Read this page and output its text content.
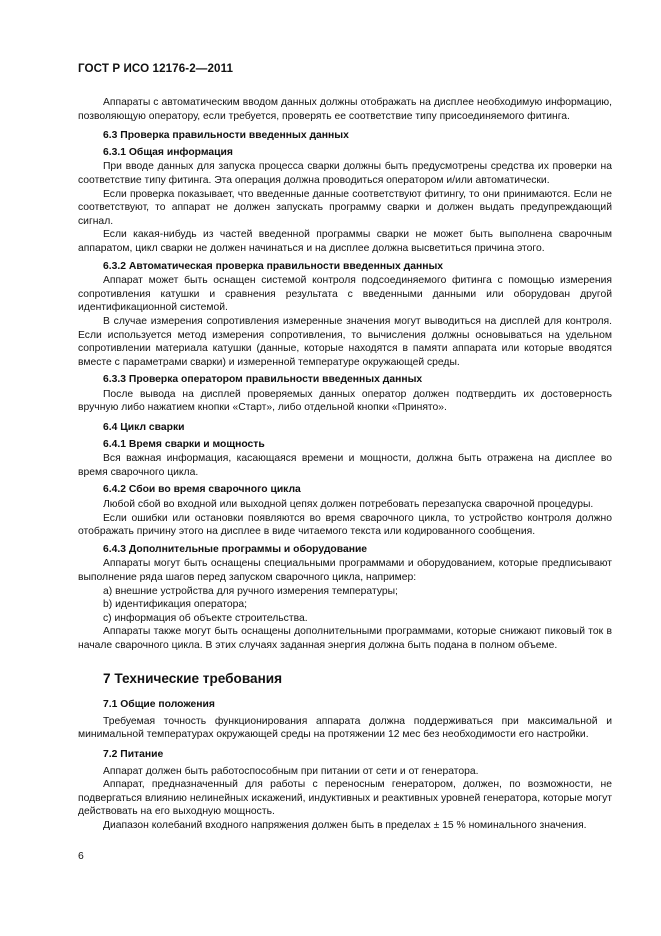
ГОСТ Р ИСО 12176-2—2011
Аппараты с автоматическим вводом данных должны отображать на дисплее необходимую информацию, позволяющую оператору, если требуется, проверять ее соответствие типу присоединяемого фитинга.
6.3 Проверка правильности введенных данных
6.3.1 Общая информация
При вводе данных для запуска процесса сварки должны быть предусмотрены средства их проверки на соответствие типу фитинга. Эта операция должна проводиться оператором и/или автоматически.
Если проверка показывает, что введенные данные соответствуют фитингу, то они принимаются. Если не соответствуют, то аппарат не должен запускать программу сварки и должен выдать предупреждающий сигнал.
Если какая-нибудь из частей введенной программы сварки не может быть выполнена сварочным аппаратом, цикл сварки не должен начинаться и на дисплее должна высветиться причина этого.
6.3.2 Автоматическая проверка правильности введенных данных
Аппарат может быть оснащен системой контроля подсоединяемого фитинга с помощью измерения сопротивления катушки и сравнения результата с введенными данными или оборудован другой идентификационной системой.
В случае измерения сопротивления измеренные значения могут выводиться на дисплей для контроля. Если используется метод измерения сопротивления, то вычисления должны основываться на удельном сопротивлении материала катушки (данные, которые находятся в памяти аппарата или которые вводятся вместе с параметрами сварки) и измеренной температуре окружающей среды.
6.3.3 Проверка оператором правильности введенных данных
После вывода на дисплей проверяемых данных оператор должен подтвердить их достоверность вручную либо нажатием кнопки «Старт», либо отдельной кнопки «Принято».
6.4 Цикл сварки
6.4.1 Время сварки и мощность
Вся важная информация, касающаяся времени и мощности, должна быть отражена на дисплее во время сварочного цикла.
6.4.2 Сбои во время сварочного цикла
Любой сбой во входной или выходной цепях должен потребовать перезапуска сварочной процедуры.
Если ошибки или остановки появляются во время сварочного цикла, то устройство контроля должно отображать причину этого на дисплее в виде читаемого текста или кодированного сообщения.
6.4.3 Дополнительные программы и оборудование
Аппараты могут быть оснащены специальными программами и оборудованием, которые предписывают выполнение ряда шагов перед запуском сварочного цикла, например:
a) внешние устройства для ручного измерения температуры;
b) идентификация оператора;
c) информация об объекте строительства.
Аппараты также могут быть оснащены дополнительными программами, которые снижают пиковый ток в начале сварочного цикла. В этих случаях заданная энергия должна быть подана в полном объеме.
7 Технические требования
7.1 Общие положения
Требуемая точность функционирования аппарата должна поддерживаться при максимальной и минимальной температурах окружающей среды на протяжении 12 мес без необходимости его настройки.
7.2 Питание
Аппарат должен быть работоспособным при питании от сети и от генератора.
Аппарат, предназначенный для работы с переносным генератором, должен, по возможности, не подвергаться влиянию нелинейных искажений, индуктивных и реактивных уровней генератора, которые могут действовать на его выходную мощность.
Диапазон колебаний входного напряжения должен быть в пределах ± 15 % номинального значения.
6
